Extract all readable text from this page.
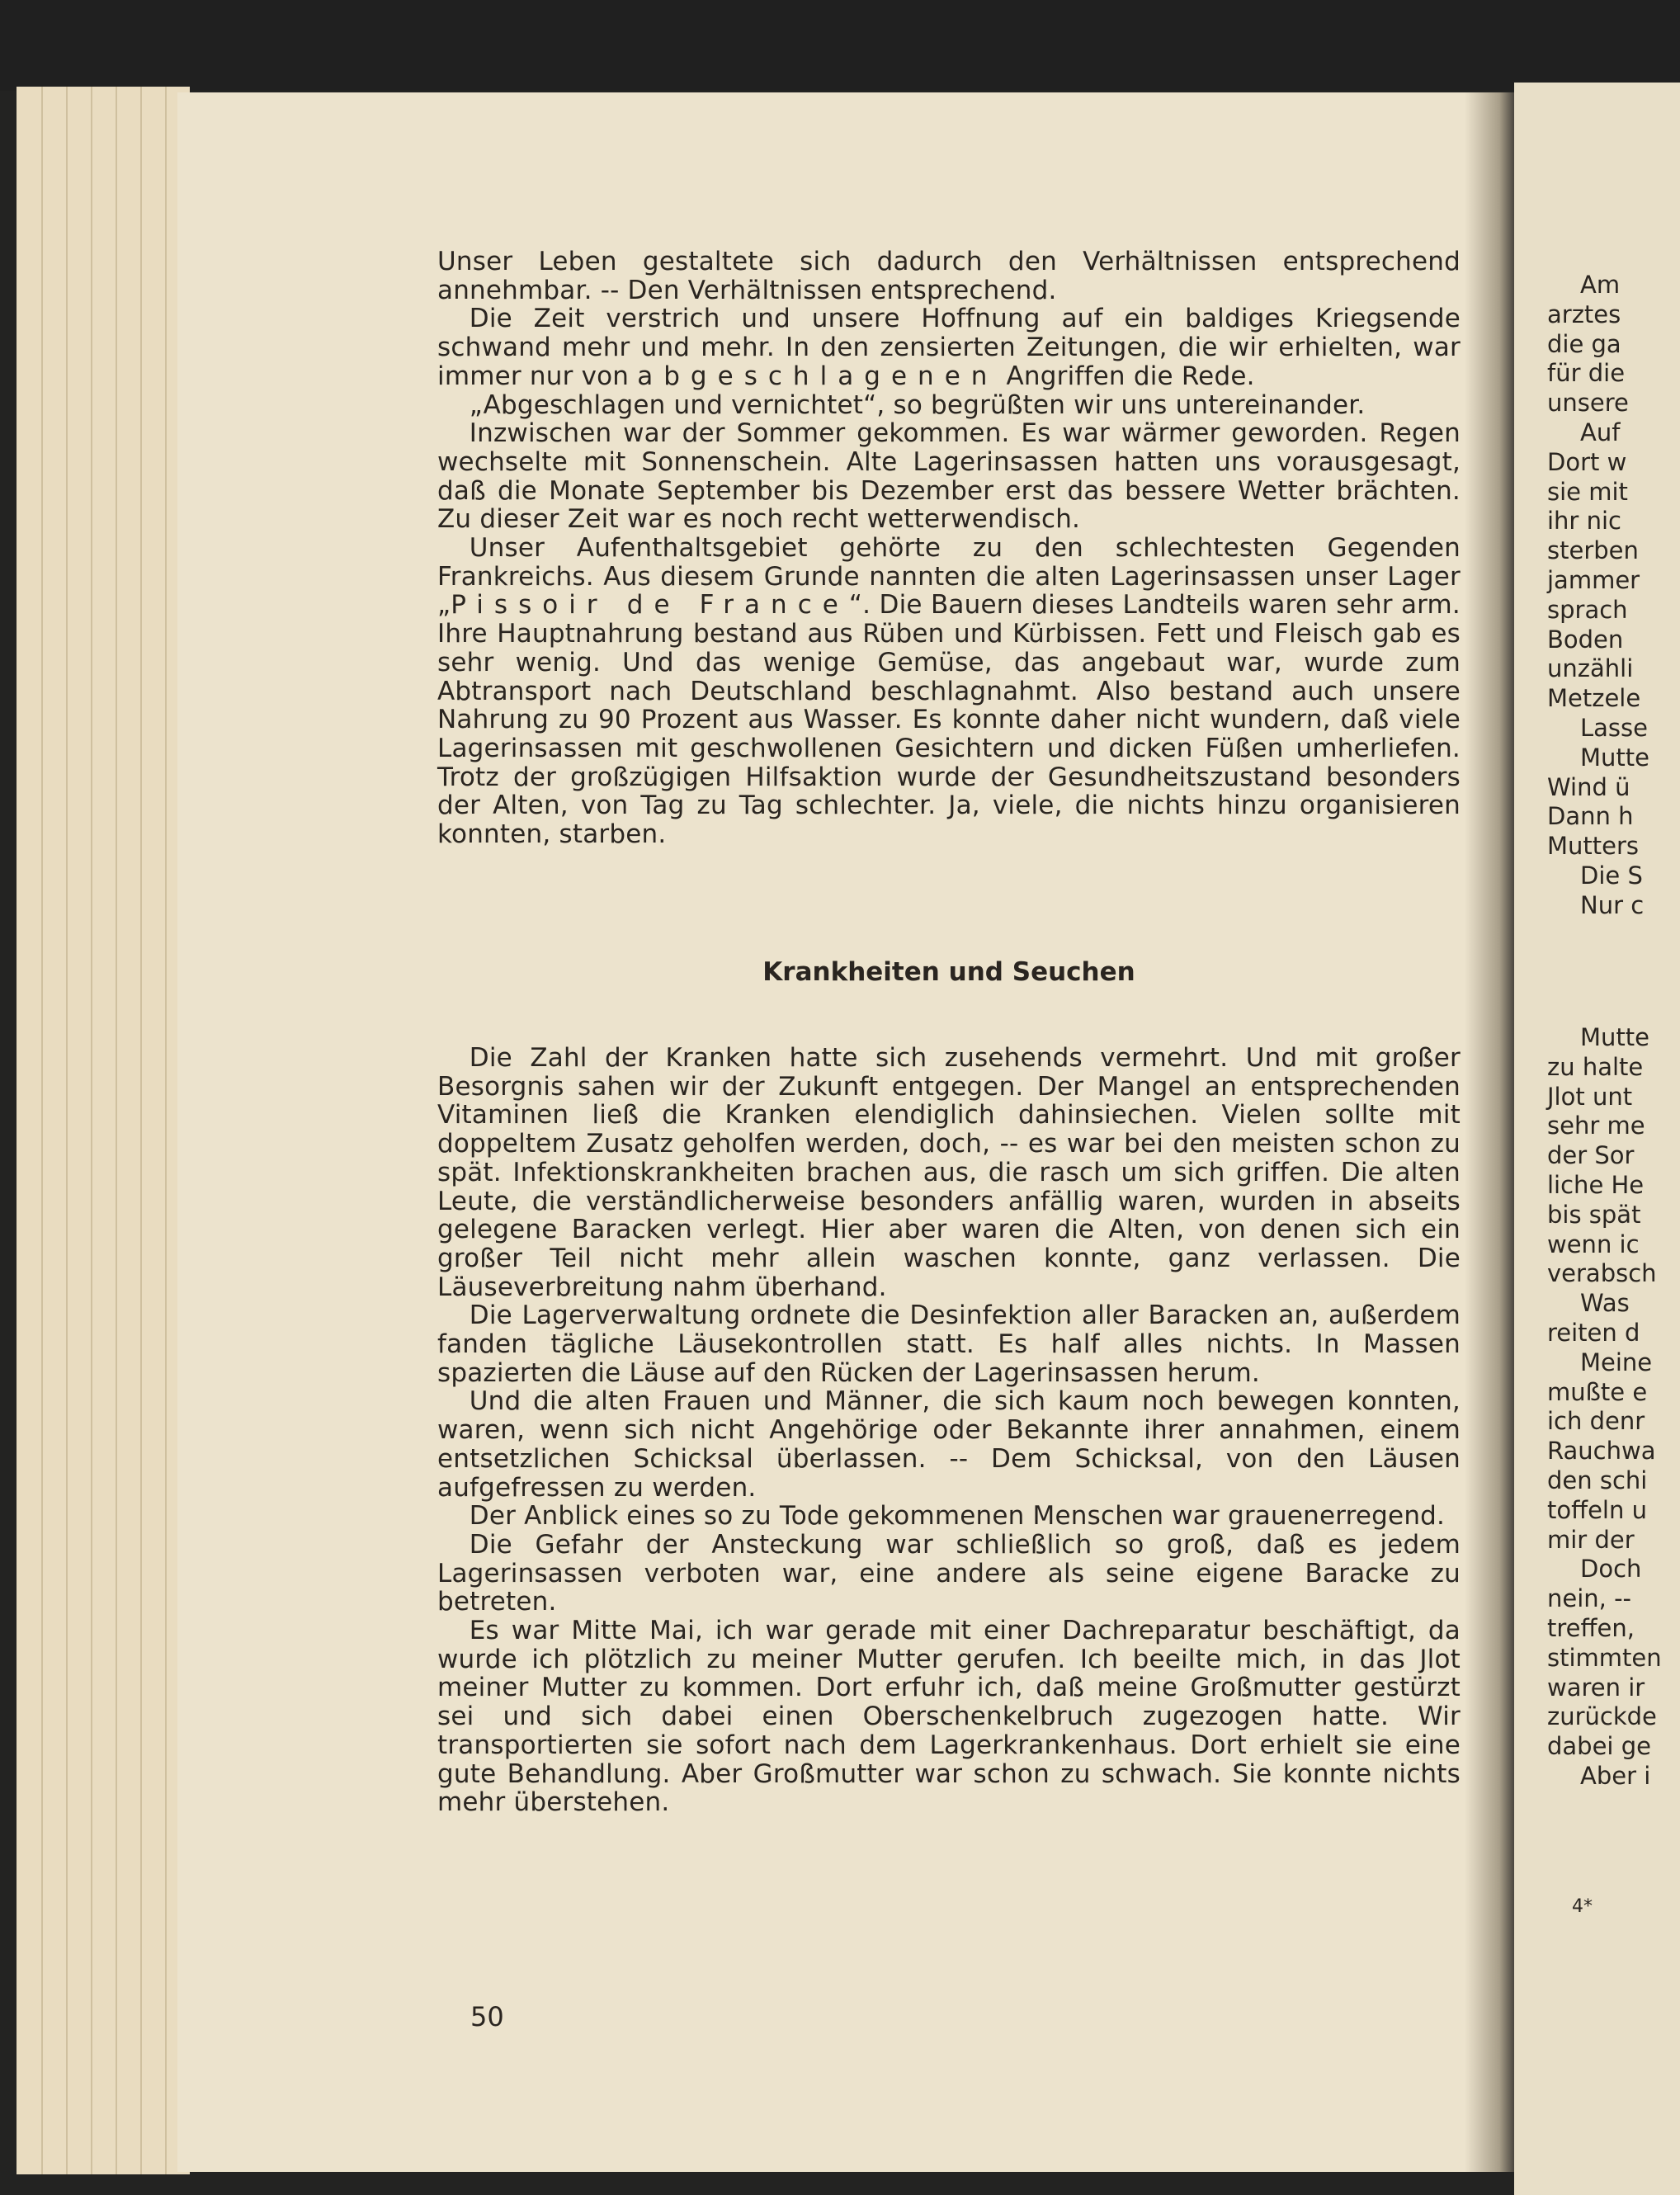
Unser Leben gestaltete sich dadurch den Verhältnissen entsprechend annehmbar. -- Den Verhältnissen entsprechend.

Die Zeit verstrich und unsere Hoffnung auf ein baldiges Kriegsende schwand mehr und mehr. In den zensierten Zeitungen, die wir erhielten, war immer nur von abgeschlagenen Angriffen die Rede.

„Abgeschlagen und vernichtet“, so begrüßten wir uns untereinander.

Inzwischen war der Sommer gekommen. Es war wärmer geworden. Regen wechselte mit Sonnenschein. Alte Lagerinsassen hatten uns vorausgesagt, daß die Monate September bis Dezember erst das bessere Wetter brächten. Zu dieser Zeit war es noch recht wetterwendisch.

Unser Aufenthaltsgebiet gehörte zu den schlechtesten Gegenden Frankreichs. Aus diesem Grunde nannten die alten Lagerinsassen unser Lager „Pissoir de France“. Die Bauern dieses Landteils waren sehr arm. Ihre Hauptnahrung bestand aus Rüben und Kürbissen. Fett und Fleisch gab es sehr wenig. Und das wenige Gemüse, das angebaut war, wurde zum Abtransport nach Deutschland beschlagnahmt. Also bestand auch unsere Nahrung zu 90 Prozent aus Wasser. Es konnte daher nicht wundern, daß viele Lagerinsassen mit geschwollenen Gesichtern und dicken Füßen umherliefen. Trotz der großzügigen Hilfsaktion wurde der Gesundheitszustand besonders der Alten, von Tag zu Tag schlechter. Ja, viele, die nichts hinzu organisieren konnten, starben.

Krankheiten und Seuchen

Die Zahl der Kranken hatte sich zusehends vermehrt. Und mit großer Besorgnis sahen wir der Zukunft entgegen. Der Mangel an entsprechenden Vitaminen ließ die Kranken elendiglich dahinsiechen. Vielen sollte mit doppeltem Zusatz geholfen werden, doch, -- es war bei den meisten schon zu spät. Infektionskrankheiten brachen aus, die rasch um sich griffen. Die alten Leute, die verständlicherweise besonders anfällig waren, wurden in abseits gelegene Baracken verlegt. Hier aber waren die Alten, von denen sich ein großer Teil nicht mehr allein waschen konnte, ganz verlassen. Die Läuseverbreitung nahm überhand.

Die Lagerverwaltung ordnete die Desinfektion aller Baracken an, außerdem fanden tägliche Läusekontrollen statt. Es half alles nichts. In Massen spazierten die Läuse auf den Rücken der Lagerinsassen herum.

Und die alten Frauen und Männer, die sich kaum noch bewegen konnten, waren, wenn sich nicht Angehörige oder Bekannte ihrer annahmen, einem entsetzlichen Schicksal überlassen. -- Dem Schicksal, von den Läusen aufgefressen zu werden.

Der Anblick eines so zu Tode gekommenen Menschen war grauenerregend.

Die Gefahr der Ansteckung war schließlich so groß, daß es jedem Lagerinsassen verboten war, eine andere als seine eigene Baracke zu betreten.

Es war Mitte Mai, ich war gerade mit einer Dachreparatur beschäftigt, da wurde ich plötzlich zu meiner Mutter gerufen. Ich beeilte mich, in das Jlot meiner Mutter zu kommen. Dort erfuhr ich, daß meine Großmutter gestürzt sei und sich dabei einen Oberschenkelbruch zugezogen hatte. Wir transportierten sie sofort nach dem Lagerkrankenhaus. Dort erhielt sie eine gute Behandlung. Aber Großmutter war schon zu schwach. Sie konnte nichts mehr überstehen.

50
Am
arztes
die ga
für die
unsere
Auf
Dort w
sie mit
ihr nic
sterben
jammer
sprach
Boden
unzähli
Metzele
Lasse
Mutte
Wind ü
Dann h
Mutters
Die S
Nur c
Mutte
zu halte
Jlot unt
sehr me
der Sor
liche He
bis spät
wenn ic
verabsch
Was
reiten d
Meine
mußte e
ich denr
Rauchwa
den schi
toffeln u
mir der
Doch
nein, --
treffen,
stimmten
waren ir
zurückde
dabei ge
Aber i
4*
